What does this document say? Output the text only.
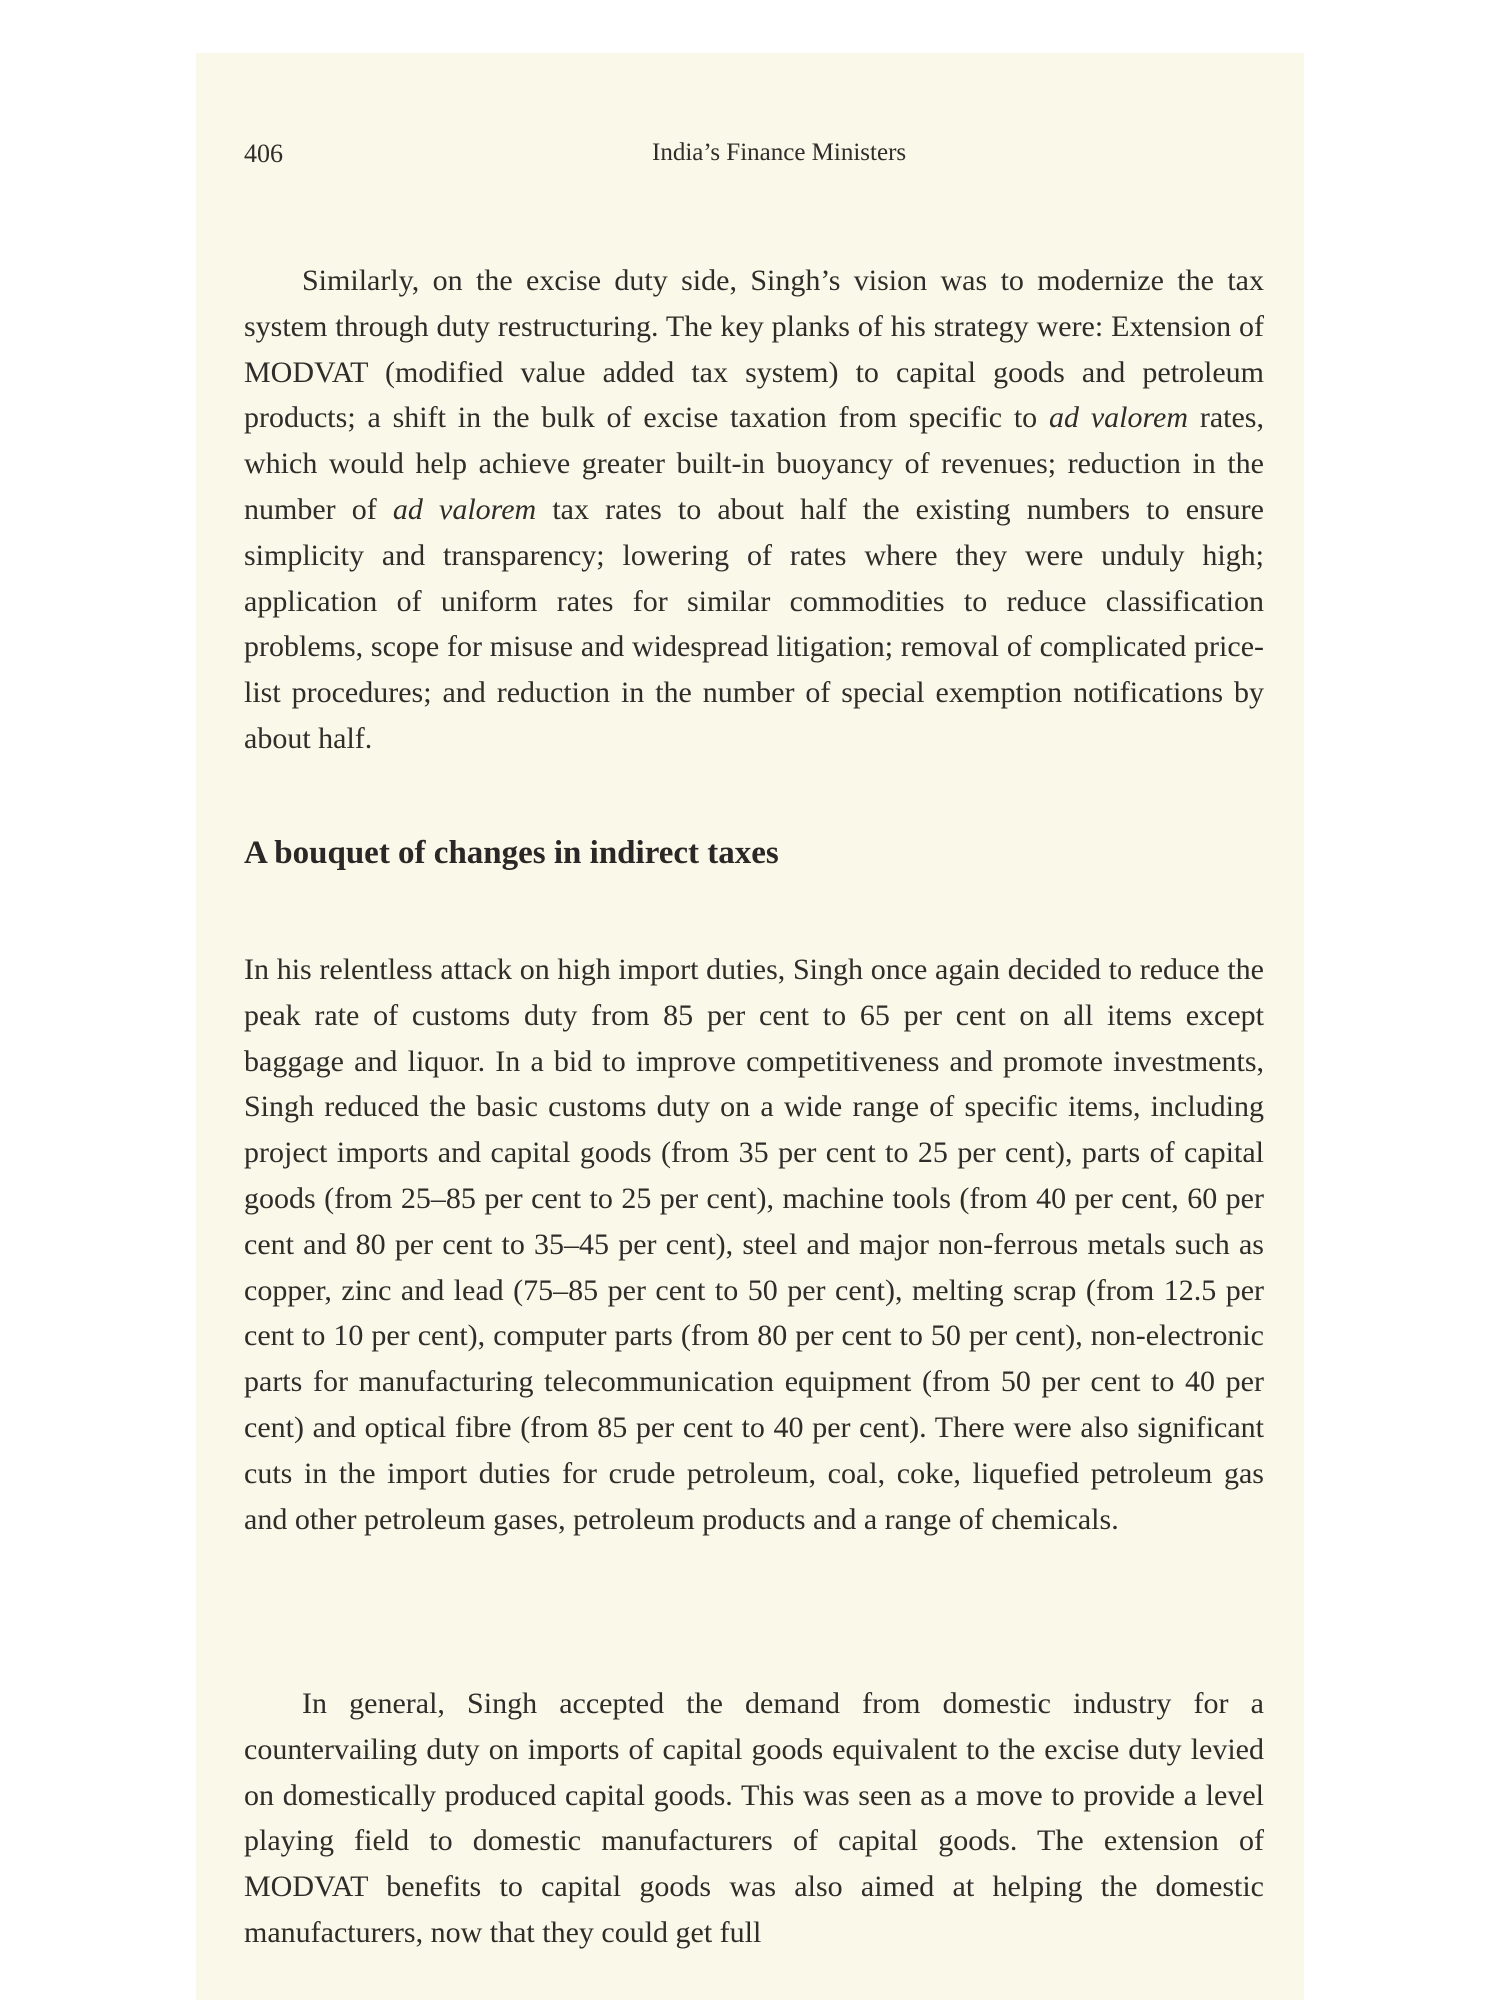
406	India’s Finance Ministers

Similarly, on the excise duty side, Singh’s vision was to modernize the tax system through duty restructuring. The key planks of his strategy were: Extension of MODVAT (modified value added tax system) to capital goods and petroleum products; a shift in the bulk of excise taxation from specific to ad valorem rates, which would help achieve greater built-in buoyancy of revenues; reduction in the number of ad valorem tax rates to about half the existing numbers to ensure simplicity and transparency; lowering of rates where they were unduly high; application of uniform rates for similar commodities to reduce classification problems, scope for misuse and widespread litigation; removal of complicated price-list procedures; and reduction in the number of special exemption notifications by about half.

A bouquet of changes in indirect taxes

In his relentless attack on high import duties, Singh once again decided to reduce the peak rate of customs duty from 85 per cent to 65 per cent on all items except baggage and liquor. In a bid to improve competitiveness and promote investments, Singh reduced the basic customs duty on a wide range of specific items, including project imports and capital goods (from 35 per cent to 25 per cent), parts of capital goods (from 25–85 per cent to 25 per cent), machine tools (from 40 per cent, 60 per cent and 80 per cent to 35–45 per cent), steel and major non-ferrous metals such as copper, zinc and lead (75–85 per cent to 50 per cent), melting scrap (from 12.5 per cent to 10 per cent), computer parts (from 80 per cent to 50 per cent), non-electronic parts for manufacturing telecommunication equipment (from 50 per cent to 40 per cent) and optical fibre (from 85 per cent to 40 per cent). There were also significant cuts in the import duties for crude petroleum, coal, coke, liquefied petroleum gas and other petroleum gases, petroleum products and a range of chemicals.

In general, Singh accepted the demand from domestic industry for a countervailing duty on imports of capital goods equivalent to the excise duty levied on domestically produced capital goods. This was seen as a move to provide a level playing field to domestic manufacturers of capital goods. The extension of MODVAT benefits to capital goods was also aimed at helping the domestic manufacturers, now that they could get full
